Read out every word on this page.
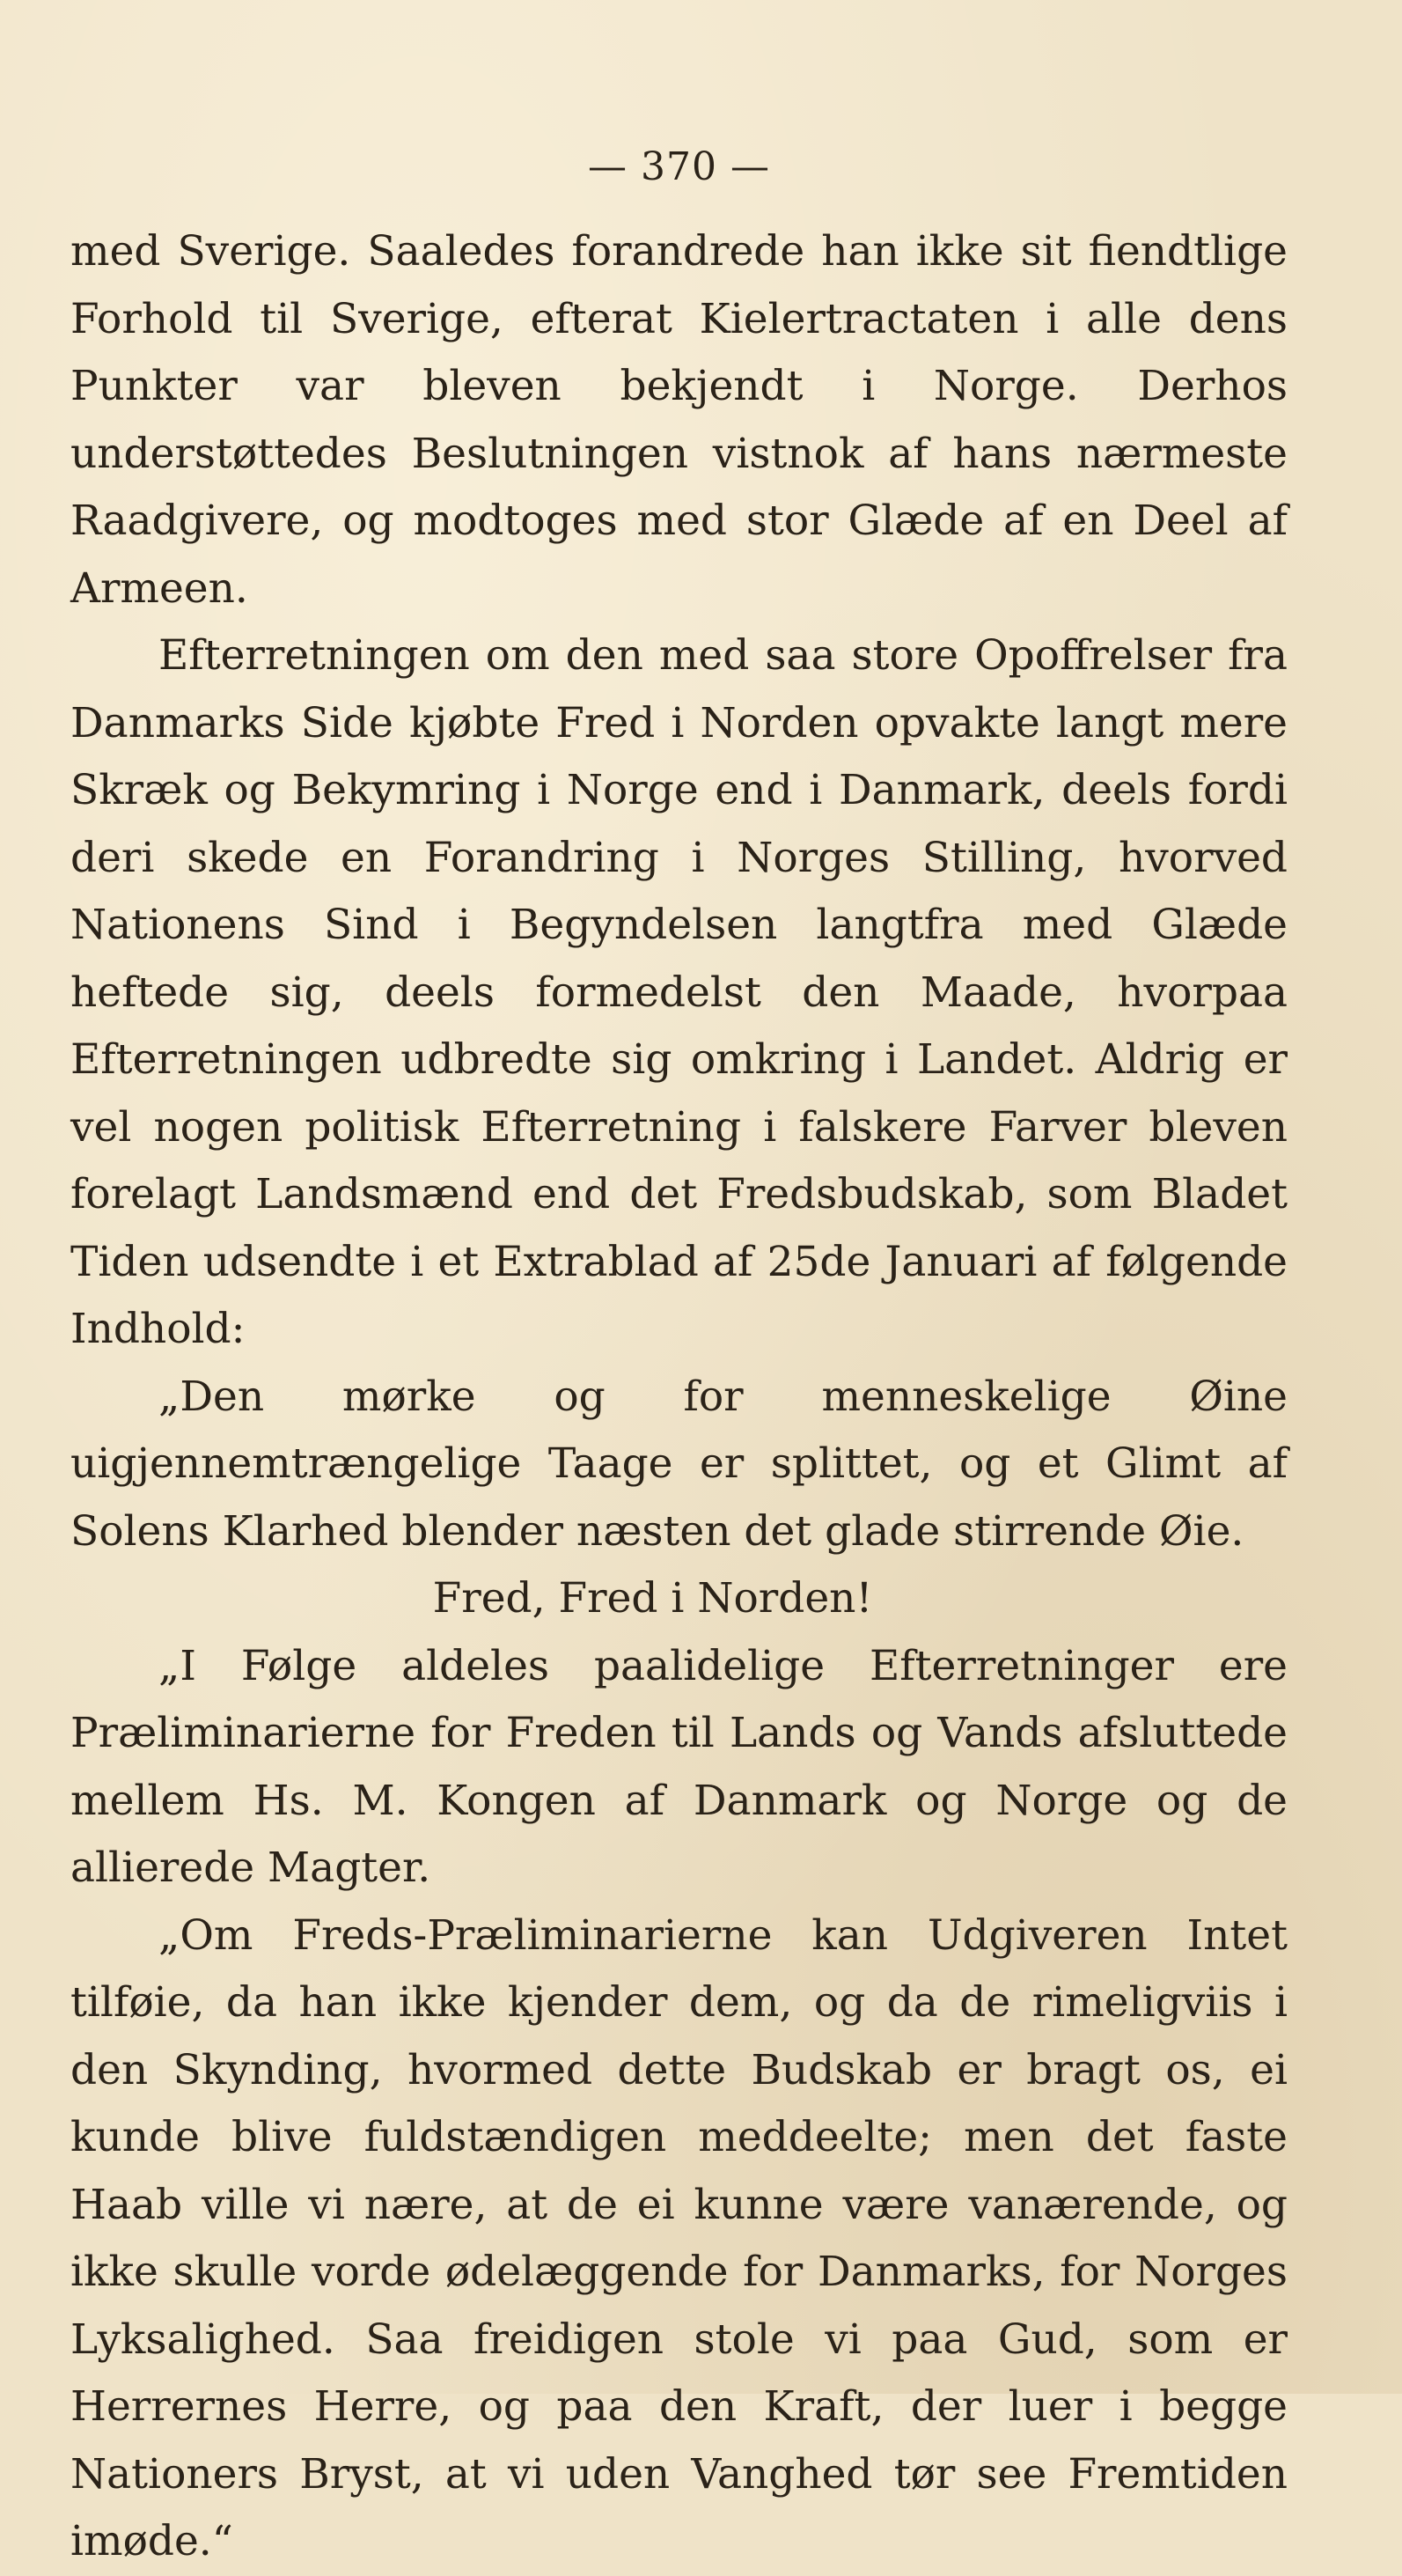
— 370 —

med Sverige. Saaledes forandrede han ikke sit fiendtlige Forhold til Sverige, efterat Kielertractaten i alle dens Punkter var bleven bekjendt i Norge. Derhos understøttedes Beslutningen vistnok af hans nærmeste Raadgivere, og modtoges med stor Glæde af en Deel af Armeen.

Efterretningen om den med saa store Opoffrelser fra Danmarks Side kjøbte Fred i Norden opvakte langt mere Skræk og Bekymring i Norge end i Danmark, deels fordi deri skede en Forandring i Norges Stilling, hvorved Nationens Sind i Begyndelsen langtfra med Glæde heftede sig, deels formedelst den Maade, hvorpaa Efterretningen udbredte sig omkring i Landet. Aldrig er vel nogen politisk Efterretning i falskere Farver bleven forelagt Landsmænd end det Fredsbudskab, som Bladet Tiden udsendte i et Extrablad af 25de Januari af følgende Indhold:

„Den mørke og for menneskelige Øine uigjennemtrængelige Taage er splittet, og et Glimt af Solens Klarhed blender næsten det glade stirrende Øie.

Fred, Fred i Norden!

„I Følge aldeles paalidelige Efterretninger ere Præliminarierne for Freden til Lands og Vands afsluttede mellem Hs. M. Kongen af Danmark og Norge og de allierede Magter.

„Om Freds-Præliminarierne kan Udgiveren Intet tilføie, da han ikke kjender dem, og da de rimeligviis i den Skynding, hvormed dette Budskab er bragt os, ei kunde blive fuldstændigen meddeelte; men det faste Haab ville vi nære, at de ei kunne være vanærende, og ikke skulle vorde ødelæggende for Danmarks, for Norges Lyksalighed. Saa freidigen stole vi paa Gud, som er Herrernes Herre, og paa den Kraft, der luer i begge Nationers Bryst, at vi uden Vanghed tør see Fremtiden imøde.“
